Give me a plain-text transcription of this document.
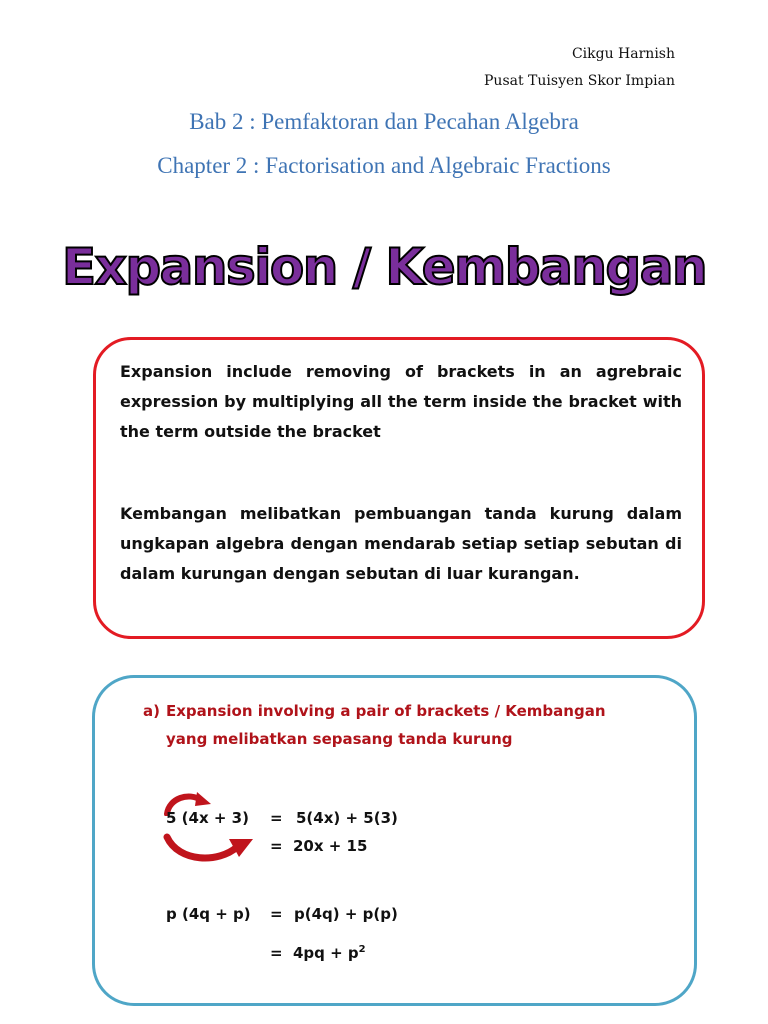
Cikgu Harnish
Pusat Tuisyen Skor Impian
Bab 2 : Pemfaktoran dan Pecahan Algebra
Chapter 2 : Factorisation and Algebraic Fractions
Expansion / Kembangan
Expansion include removing of brackets in an agrebraic expression by multiplying all the term inside the bracket with the term outside the bracket
Kembangan melibatkan pembuangan tanda kurung dalam ungkapan algebra dengan mendarab setiap setiap sebutan di dalam kurungan dengan sebutan di luar kurangan.
a) Expansion involving a pair of brackets / Kembangan yang melibatkan sepasang tanda kurung
5 (4x + 3) = 5(4x) + 5(3)
= 20x + 15
p (4q + p) = p(4q) + p(p)
= $4pq + p^2$
